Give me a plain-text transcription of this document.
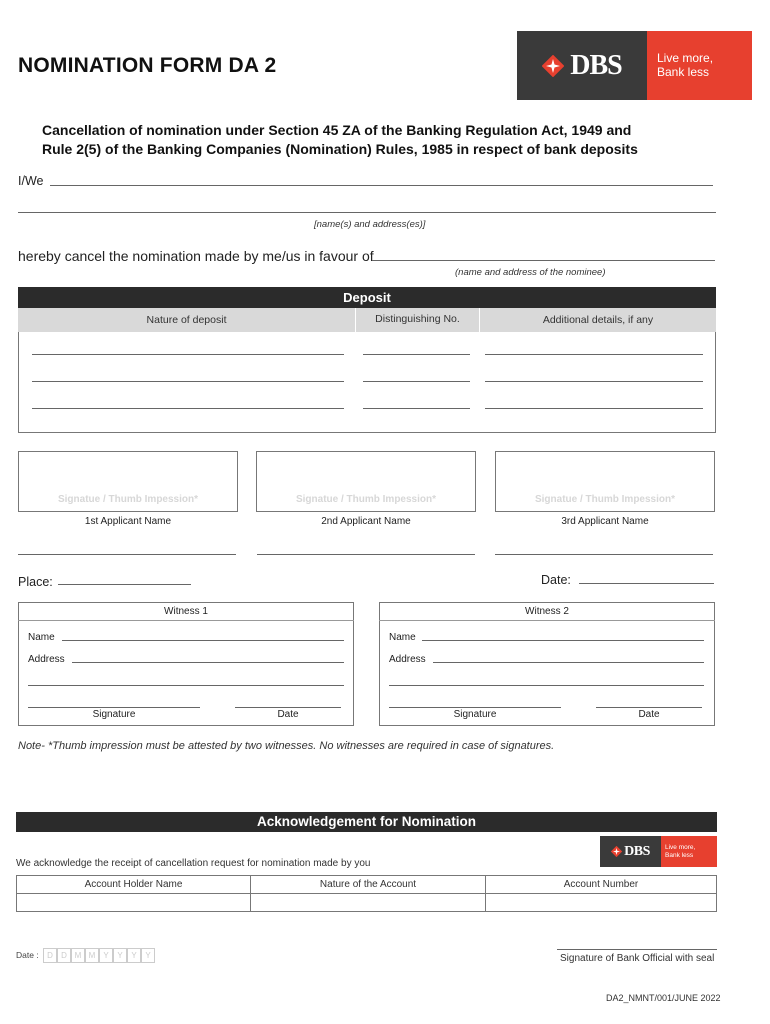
NOMINATION FORM DA 2	DBS	Live more,
Bank less
Cancellation of nomination under Section 45 ZA of the Banking Regulation Act, 1949 and
Rule 2(5) of the Banking Companies (Nomination) Rules, 1985 in respect of bank deposits
I/We
[name(s) and address(es)]
hereby cancel the nomination made by me/us in favour of
(name and address of the nominee)
Deposit
Nature of deposit	Distinguishing No.	Additional details, if any
Signatue / Thumb Impession*	Signatue / Thumb Impession*	Signatue / Thumb Impession*
1st Applicant Name	2nd Applicant Name	3rd Applicant Name
Place:	Date:
Witness 1
Name
Address
Signature	Date
Witness 2
Name
Address
Signature	Date
Note- *Thumb impression must be attested by two witnesses. No witnesses are required in case of signatures.
Acknowledgement for Nomination
DBS Live more,
Bank less
We acknowledge the receipt of cancellation request for nomination made by you
Account Holder Name	Nature of the Account	Account Number
Date :	D	D M M	Y	Y	Y	Y	Signature of Bank Official with seal
DA2_NMNT/001/JUNE 2022
